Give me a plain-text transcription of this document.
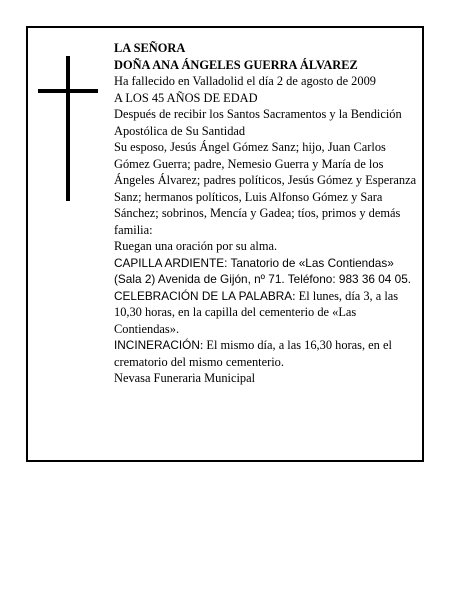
LA SEÑORA

DOÑA ANA ÁNGELES GUERRA ÁLVAREZ

Ha fallecido en Valladolid el día 2 de agosto de 2009

A LOS 45 AÑOS DE EDAD

Después de recibir los Santos Sacramentos y la Bendición Apostólica de Su Santidad

Su esposo, Jesús Ángel Gómez Sanz; hijo, Juan Carlos Gómez Guerra; padre, Nemesio Guerra y María de los Ángeles Álvarez; padres políticos, Jesús Gómez y Esperanza Sanz; hermanos políticos, Luis Alfonso Gómez y Sara Sánchez; sobrinos, Mencía y Gadea; tíos, primos y demás familia:

Ruegan una oración por su alma.

CAPILLA ARDIENTE: Tanatorio de «Las Contiendas» (Sala 2) Avenida de Gijón, nº 71. Teléfono: 983 36 04 05.

CELEBRACIÓN DE LA PALABRA: El lunes, día 3, a las 10,30 horas, en la capilla del cementerio de «Las Contiendas».

INCINERACIÓN: El mismo día, a las 16,30 horas, en el crematorio del mismo cementerio.

Nevasa Funeraria Municipal
